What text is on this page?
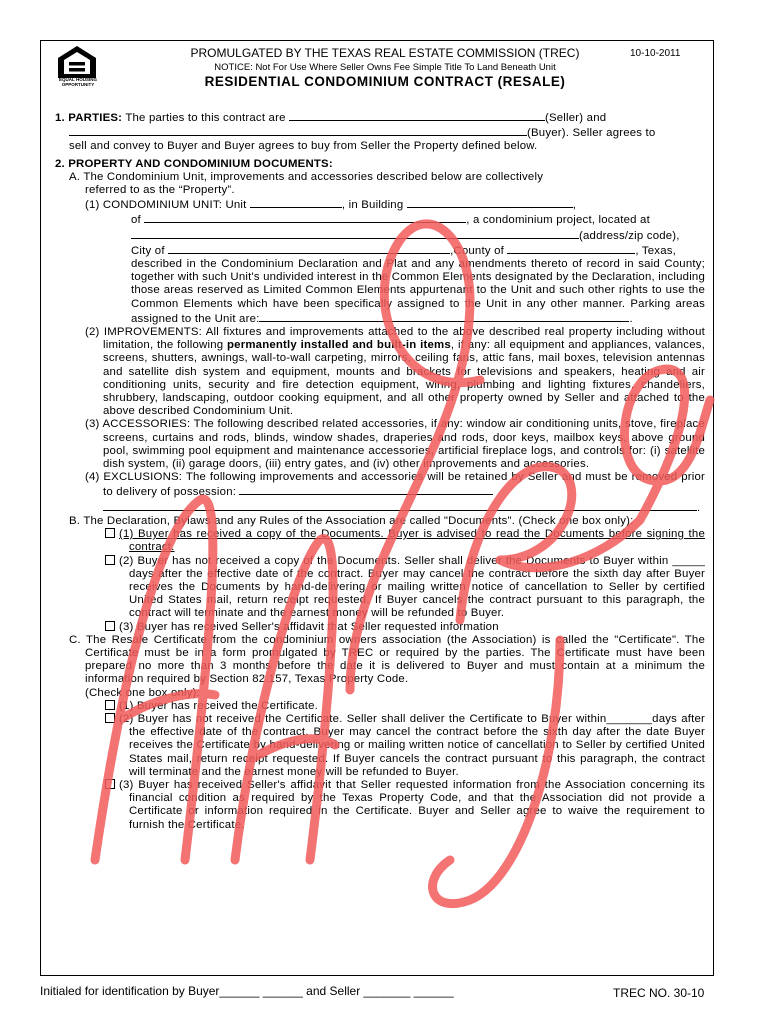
EQUAL HOUSING OPPORTUNITY
PROMULGATED BY THE TEXAS REAL ESTATE COMMISSION (TREC)	10-10-2011
NOTICE: Not For Use Where Seller Owns Fee Simple Title To Land Beneath Unit
RESIDENTIAL CONDOMINIUM CONTRACT (RESALE)

1. PARTIES: The parties to this contract are	(Seller) and

(Buyer). Seller agrees to

sell and convey to Buyer and Buyer agrees to buy from Seller the Property defined below.

2. PROPERTY AND CONDOMINIUM DOCUMENTS:

A. The Condominium Unit, improvements and accessories described below are collectively

referred to as the “Property”.

(1) CONDOMINIUM UNIT: Unit	, in Building	,

of	, a condominium project, located at

(address/zip code),

City of	,County of	, Texas,

described in the Condominium Declaration and Plat and any amendments thereto of record in said County; together with such Unit's undivided interest in the Common Elements designated by the Declaration, including those areas reserved as Limited Common Elements appurtenant to the Unit and such other rights to use the Common Elements which have been specifically assigned to the Unit in any other manner. Parking areas assigned to the Unit are:	.

(2) IMPROVEMENTS: All fixtures and improvements attached to the above described real property including without limitation, the following permanently installed and built-in items, if any: all equipment and appliances, valances, screens, shutters, awnings, wall-to-wall carpeting, mirrors, ceiling fans, attic fans, mail boxes, television antennas and satellite dish system and equipment, mounts and brackets for televisions and speakers, heating and air conditioning units, security and fire detection equipment, wiring, plumbing and lighting fixtures, chandeliers, shrubbery, landscaping, outdoor cooking equipment, and all other property owned by Seller and attached to the above described Condominium Unit.

(3) ACCESSORIES: The following described related accessories, if any: window air conditioning units, stove, fireplace screens, curtains and rods, blinds, window shades, draperies and rods, door keys, mailbox keys, above ground pool, swimming pool equipment and maintenance accessories, artificial fireplace logs, and controls for: (i) satellite dish system, (ii) garage doors, (iii) entry gates, and (iv) other improvements and accessories.

(4) EXCLUSIONS: The following improvements and accessories will be retained by Seller and must be removed prior to delivery of possession:

.

B. The Declaration, Bylaws and any Rules of the Association are called "Documents". (Check one box only):

(1) Buyer has received a copy of the Documents. Buyer is advised to read the Documents before signing the contract.

(2) Buyer has not received a copy of the Documents. Seller shall deliver the Documents to Buyer within _____ days after the effective date of the contract. Buyer may cancel the contract before the sixth day after Buyer receives the Documents by hand-delivering or mailing written notice of cancellation to Seller by certified United States mail, return receipt requested. If Buyer cancels the contract pursuant to this paragraph, the contract will terminate and the earnest money will be refunded to Buyer.

(3) Buyer has received Seller's affidavit that Seller requested information

C. The Resale Certificate from the condominium owners association (the Association) is called the "Certificate". The Certificate must be in a form promulgated by TREC or required by the parties. The Certificate must have been prepared no more than 3 months before the date it is delivered to Buyer and must contain at a minimum the information required by Section 82.157, Texas Property Code.

(Check one box only):

(1) Buyer has received the Certificate.

(2) Buyer has not received the Certificate. Seller shall deliver the Certificate to Buyer within_______days after the effective date of the contract. Buyer may cancel the contract before the sixth day after the date Buyer receives the Certificate by hand-delivering or mailing written notice of cancellation to Seller by certified United States mail, return receipt requested. If Buyer cancels the contract pursuant to this paragraph, the contract will terminate and the earnest money will be refunded to Buyer.

(3) Buyer has received Seller's affidavit that Seller requested information from the Association concerning its financial condition as required by the Texas Property Code, and that the Association did not provide a Certificate or information required in the Certificate. Buyer and Seller agree to waive the requirement to furnish the Certificate.

Initialed for identification by Buyer______ ______ and Seller _______ ______	TREC NO. 30-10
